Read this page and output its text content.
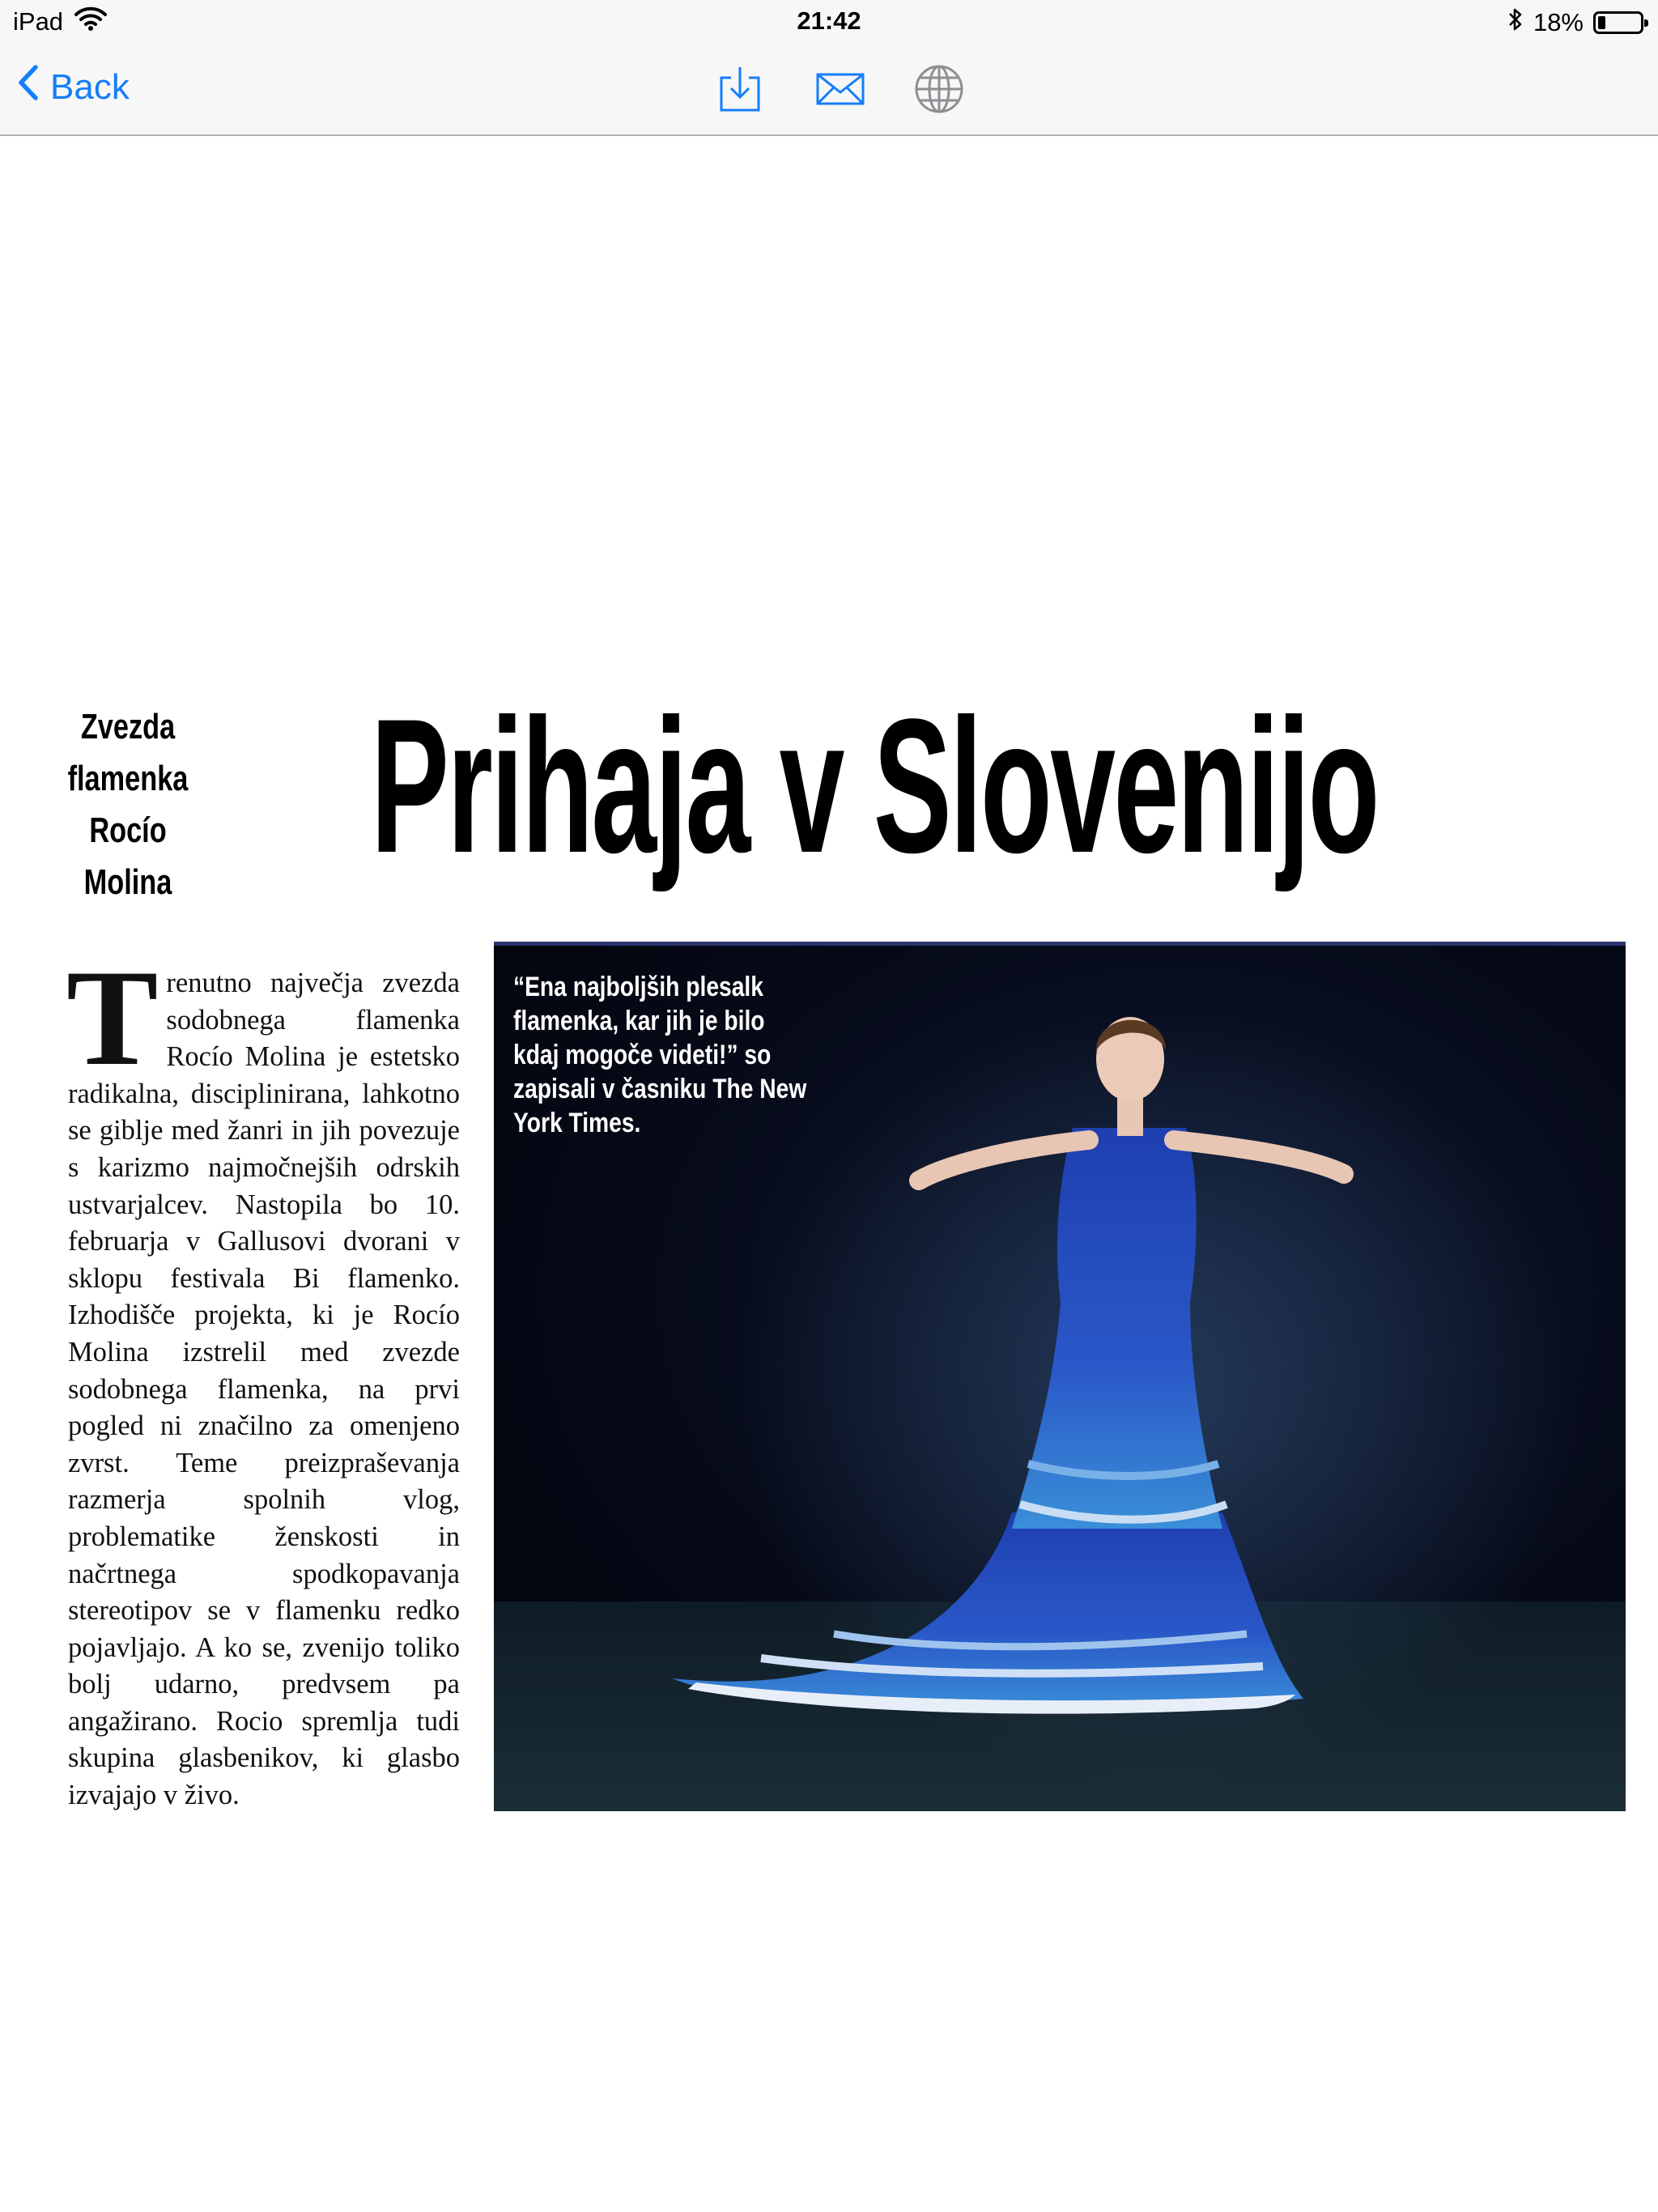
iPad	21:42	18%
Back
Zvezda
flamenka
Rocío Molina Prihaja v Slovenijo
T renutno največja zvezda sodobnega flamenka Rocío Molina je estetsko radikalna, disciplinirana, lahkotno se giblje med žanri in jih povezuje s karizmo najmočnejših odrskih ustvarjalcev. Nastopila bo 10. februarja v Gallusovi dvorani v sklopu festivala Bi flamenko. Izhodišče projekta, ki je Rocío Molina izstrelil med zvezde sodobnega flamenka, na prvi pogled ni značilno za omenjeno zvrst. Teme preizpraševanja razmerja spolnih vlog, problematike ženskosti in načrtnega spodkopavanja stereotipov se v flamenku redko pojavljajo. A ko se, zvenijo toliko bolj udarno, predvsem pa angažirano. Rocio spremlja tudi skupina glasbenikov, ki glasbo izvajajo v živo.
“Ena najboljših plesalk flamenka, kar jih je bilo kdaj mogoče videti!” so zapisali v časniku The New York Times.
